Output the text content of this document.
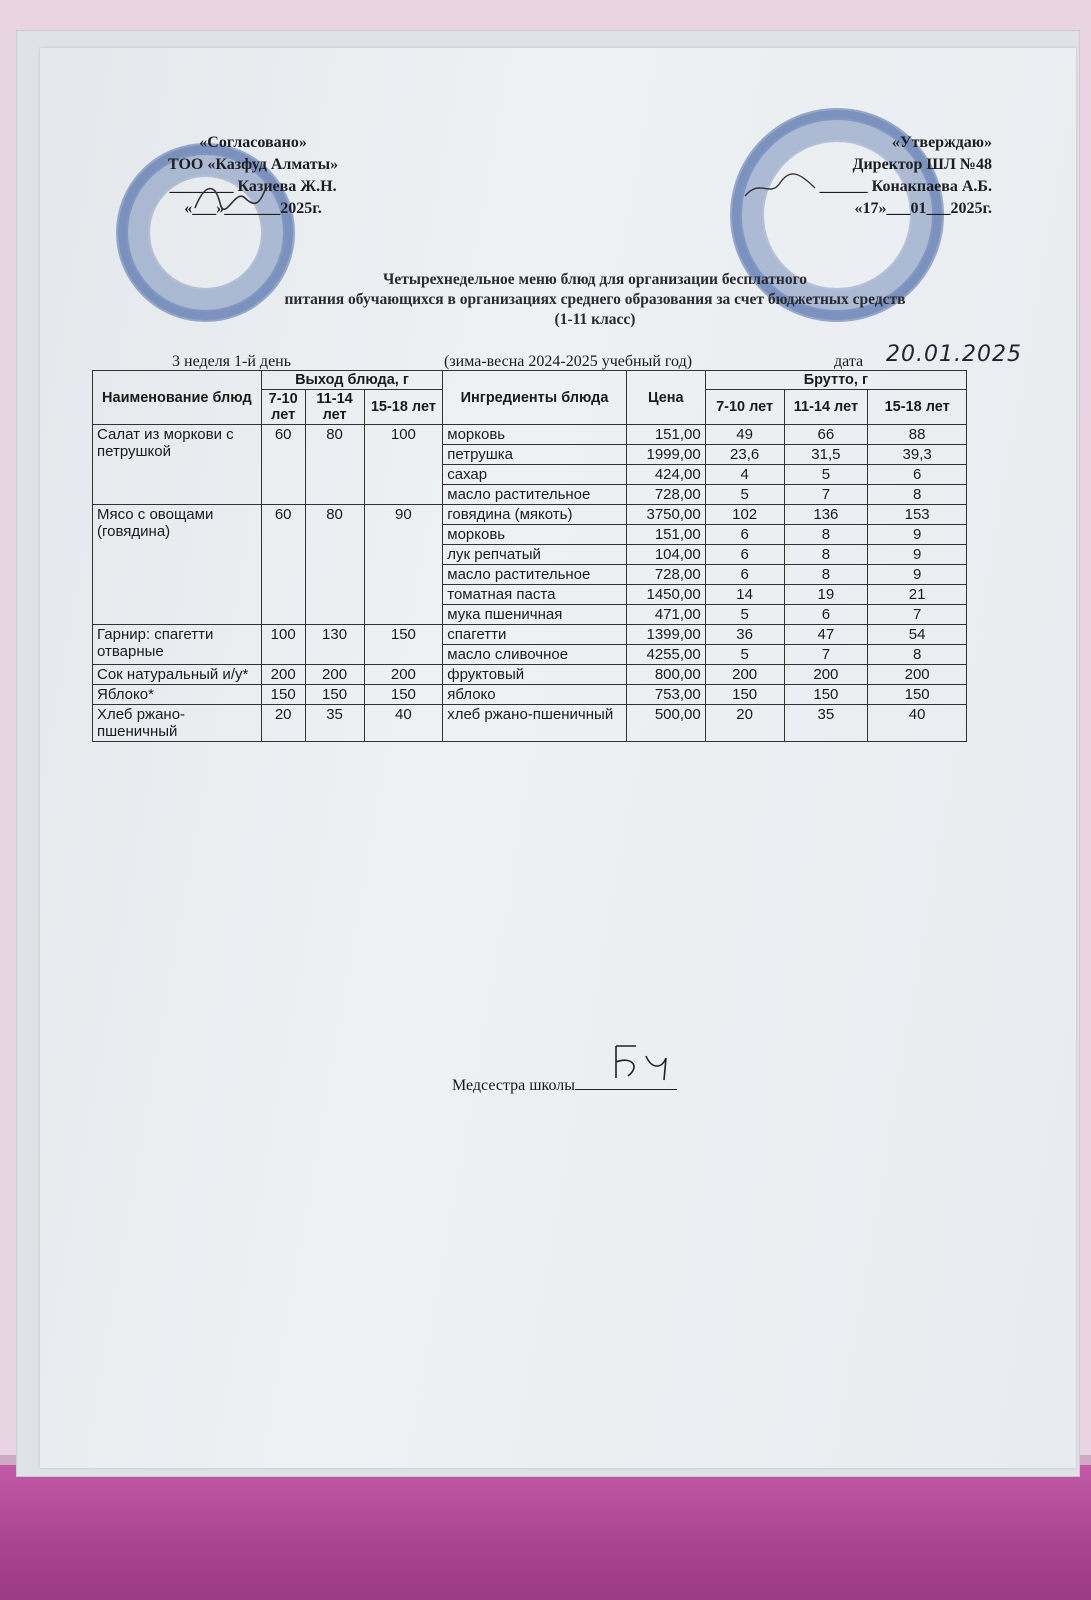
«Согласовано»
ТОО «Казфуд Алматы»
________ Казиева Ж.Н.
«___»_______2025г.
«Утверждаю»
Директор ШЛ №48
______ Конакпаева А.Б.
«17»___01___2025г.
Четырехнедельное меню блюд для организации бесплатного
питания обучающихся в организациях среднего образования за счет бюджетных средств
(1-11 класс)
3 неделя 1-й день	(зима-весна 2024-2025 учебный год)	дата 20.01.2025
Наименование блюд	Выход блюда, г			Ингредиенты блюда	Цена	Брутто, г		
	7-10 лет	11-14 лет	15-18 лет			7-10 лет	11-14 лет	15-18 лет
Салат из моркови с петрушкой	60	80	100	морковь	151,00	49	66	88
				петрушка	1999,00	23,6	31,5	39,3
				сахар	424,00	4	5	6
				масло растительное	728,00	5	7	8
Мясо с овощами (говядина)	60	80	90	говядина (мякоть)	3750,00	102	136	153
				морковь	151,00	6	8	9
				лук репчатый	104,00	6	8	9
				масло растительное	728,00	6	8	9
				томатная паста	1450,00	14	19	21
				мука пшеничная	471,00	5	6	7
Гарнир: спагетти отварные	100	130	150	спагетти	1399,00	36	47	54
				масло сливочное	4255,00	5	7	8
Сок натуральный и/у*	200	200	200	фруктовый	800,00	200	200	200
Яблоко*	150	150	150	яблоко	753,00	150	150	150
Хлеб ржано-пшеничный	20	35	40	хлеб ржано-пшеничный	500,00	20	35	40
Медсестра школы
